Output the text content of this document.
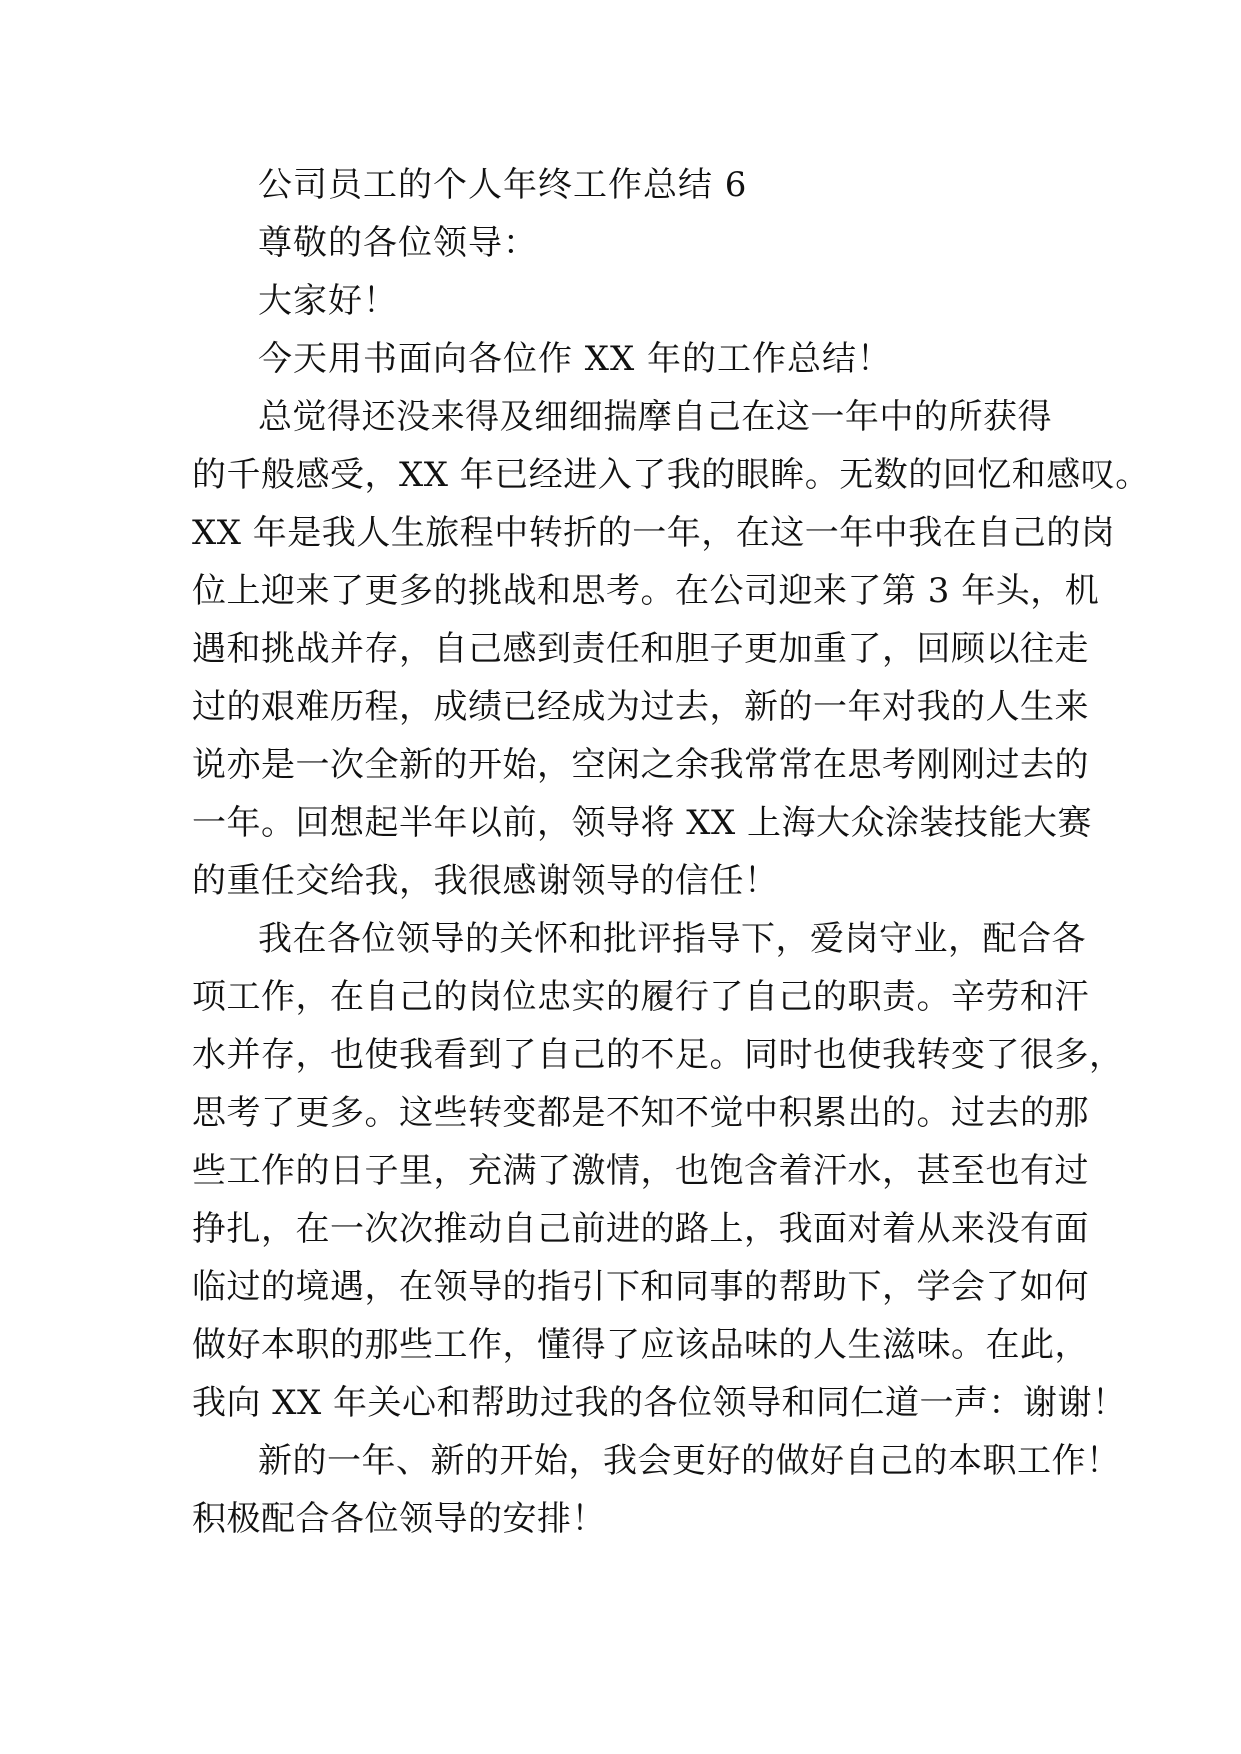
公司员工的个人年终工作总结 6
尊敬的各位领导：
大家好！
今天用书面向各位作 XX 年的工作总结！
总觉得还没来得及细细揣摩自己在这一年中的所获得
的千般感受，XX 年已经进入了我的眼眸。无数的回忆和感叹。
XX 年是我人生旅程中转折的一年，在这一年中我在自己的岗
位上迎来了更多的挑战和思考。在公司迎来了第 3 年头，机
遇和挑战并存，自己感到责任和胆子更加重了，回顾以往走
过的艰难历程，成绩已经成为过去，新的一年对我的人生来
说亦是一次全新的开始，空闲之余我常常在思考刚刚过去的
一年。回想起半年以前，领导将 XX 上海大众涂装技能大赛
的重任交给我，我很感谢领导的信任！
我在各位领导的关怀和批评指导下，爱岗守业，配合各
项工作，在自己的岗位忠实的履行了自己的职责。辛劳和汗
水并存，也使我看到了自己的不足。同时也使我转变了很多，
思考了更多。这些转变都是不知不觉中积累出的。过去的那
些工作的日子里，充满了激情，也饱含着汗水，甚至也有过
挣扎，在一次次推动自己前进的路上，我面对着从来没有面
临过的境遇，在领导的指引下和同事的帮助下，学会了如何
做好本职的那些工作，懂得了应该品味的人生滋味。在此，
我向 XX 年关心和帮助过我的各位领导和同仁道一声：谢谢！
新的一年、新的开始，我会更好的做好自己的本职工作！
积极配合各位领导的安排！
